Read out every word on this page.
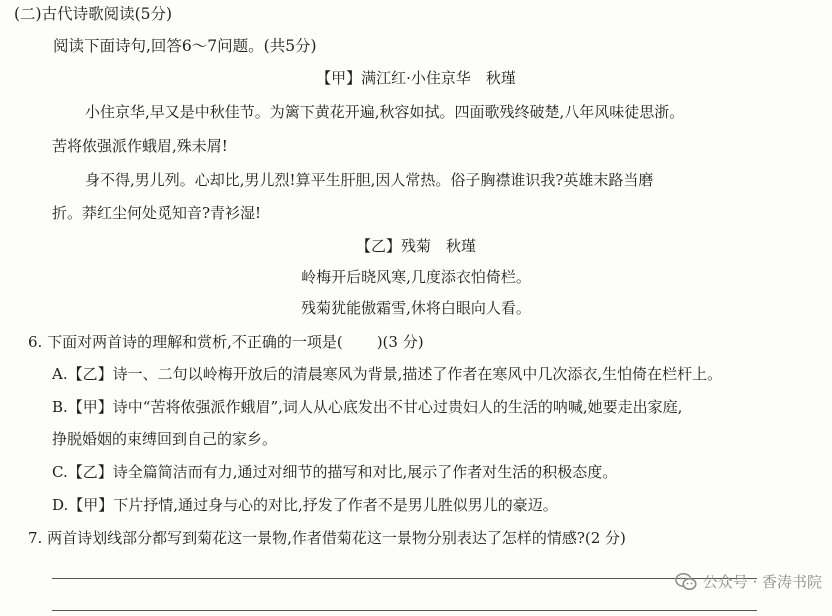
(二)古代诗歌阅读(5分)
阅读下面诗句,回答6～7问题。(共5分)
【甲】满江红·小住京华　秋瑾
小住京华,早又是中秋佳节。为篱下黄花开遍,秋容如拭。四面歌残终破楚,八年风味徒思浙。
苦将侬强派作蛾眉,殊未屑!
身不得,男儿列。心却比,男儿烈!算平生肝胆,因人常热。俗子胸襟谁识我?英雄末路当磨
折。莽红尘何处觅知音?青衫湿!
【乙】残菊　秋瑾
岭梅开后晓风寒,几度添衣怕倚栏。
残菊犹能傲霜雪,休将白眼向人看。
6. 下面对两首诗的理解和赏析,不正确的一项是( )(3 分)
A.【乙】诗一、二句以岭梅开放后的清晨寒风为背景,描述了作者在寒风中几次添衣,生怕倚在栏杆上。
B.【甲】诗中“苦将侬强派作蛾眉”,词人从心底发出不甘心过贵妇人的生活的呐喊,她要走出家庭,
挣脱婚姻的束缚回到自己的家乡。
C.【乙】诗全篇简洁而有力,通过对细节的描写和对比,展示了作者对生活的积极态度。
D.【甲】下片抒情,通过身与心的对比,抒发了作者不是男儿胜似男儿的豪迈。
7. 两首诗划线部分都写到菊花这一景物,作者借菊花这一景物分别表达了怎样的情感?(2 分)
公众号 · 香涛书院
